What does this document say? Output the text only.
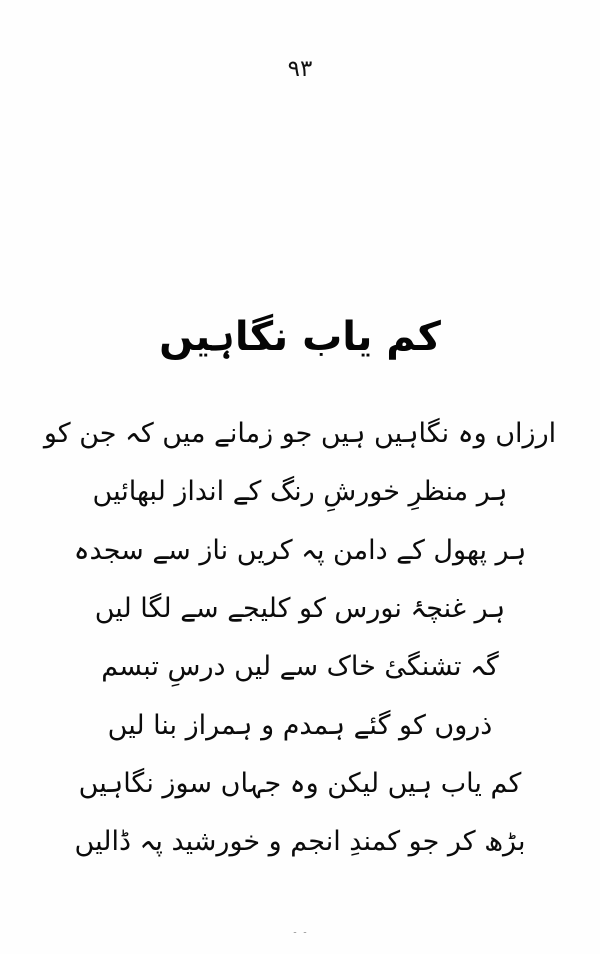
۹۳
کم یاب نگاہیں

ارزاں وہ نگاہیں ہیں جو زمانے میں کہ جن کو

ہر منظرِ خورشِ رنگ کے انداز لبھائیں

ہر پھول کے دامن پہ کریں ناز سے سجدہ

ہر غنچۂ نورس کو کلیجے سے لگا لیں

گہ تشنگیٔ خاک سے لیں درسِ تبسم

ذروں کو گئے ہمدم و ہمراز بنا لیں

کم یاب ہیں لیکن وہ جہاں سوز نگاہیں

بڑھ کر جو کمندِ انجم و خورشید پہ ڈالیں

۔ ۔
